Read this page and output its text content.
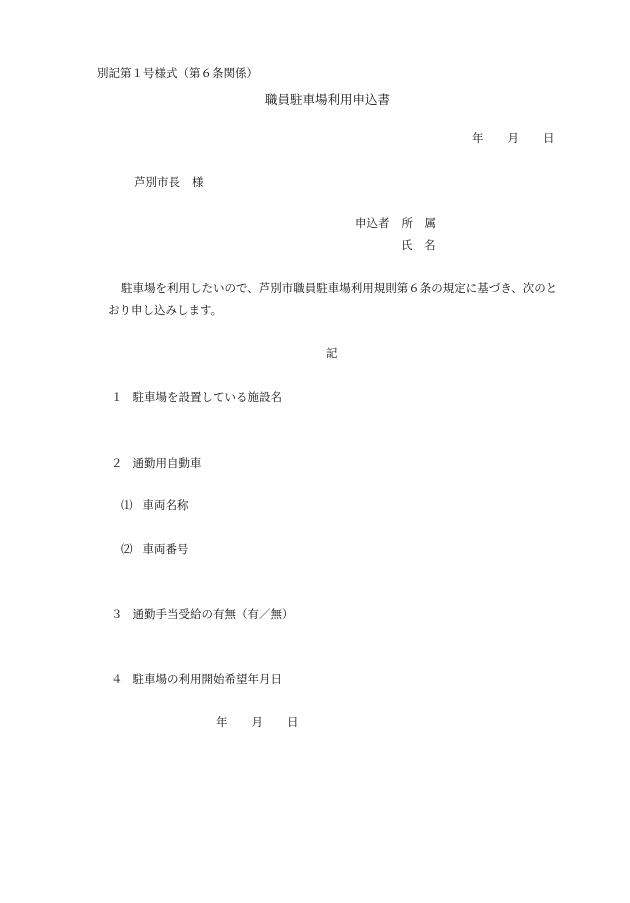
別記第１号様式（第６条関係）
職員駐車場利用申込書
年 月 日
芦別市長 様
申込者 所　属
氏　名
駐車場を利用したいので、芦別市職員駐車場利用規則第６条の規定に基づき、次のと
おり申し込みします。
記
１ 駐車場を設置している施設名
２ 通勤用自動車
⑴ 車両名称
⑵ 車両番号
３ 通勤手当受給の有無（有／無）
４ 駐車場の利用開始希望年月日
年 月 日
